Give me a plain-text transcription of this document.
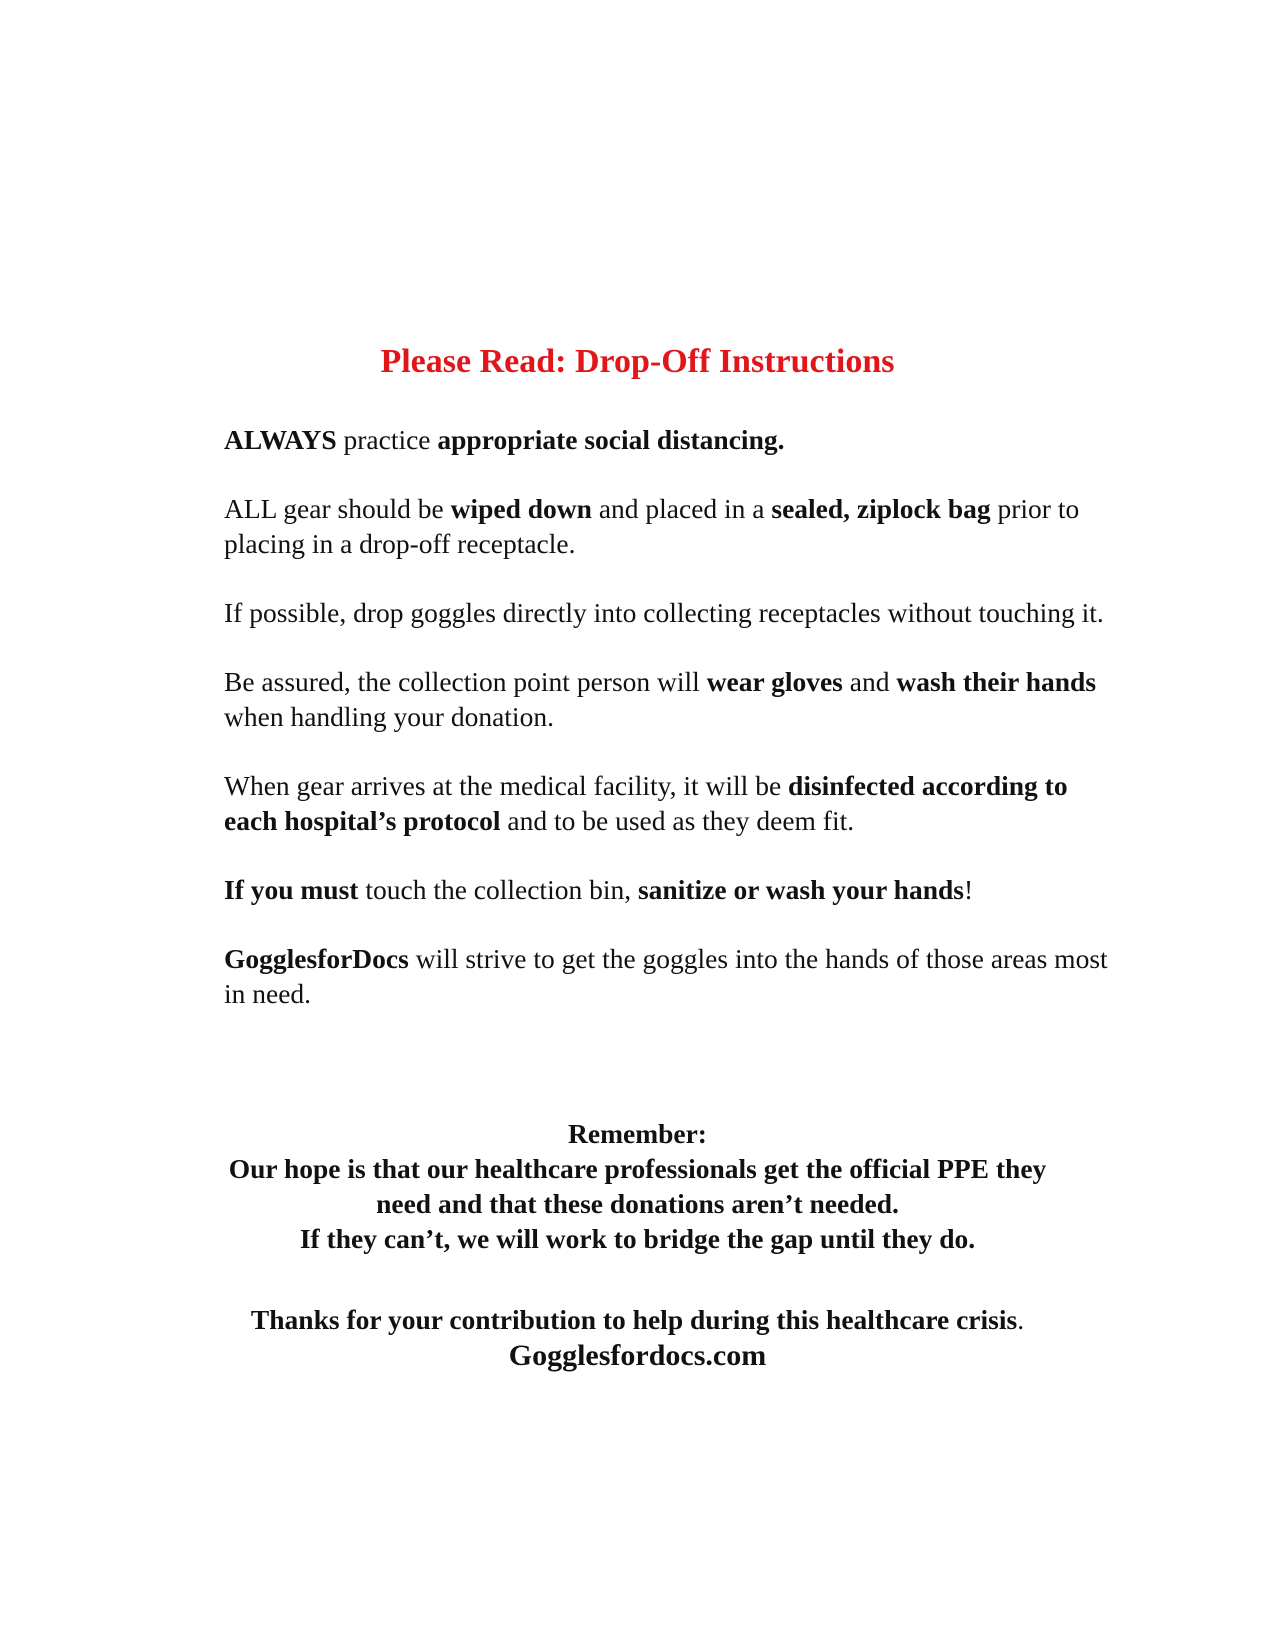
Please Read: Drop-Off Instructions

ALWAYS practice appropriate social distancing.

ALL gear should be wiped down and placed in a sealed, ziplock bag prior to placing in a drop-off receptacle.

If possible, drop goggles directly into collecting receptacles without touching it.

Be assured, the collection point person will wear gloves and wash their hands when handling your donation.

When gear arrives at the medical facility, it will be disinfected according to each hospital’s protocol and to be used as they deem fit.

If you must touch the collection bin, sanitize or wash your hands!

GogglesforDocs will strive to get the goggles into the hands of those areas most in need.

Remember:
Our hope is that our healthcare professionals get the official PPE they
need and that these donations aren’t needed.
If they can’t, we will work to bridge the gap until they do.
Thanks for your contribution to help during this healthcare crisis.
Gogglesfordocs.com
